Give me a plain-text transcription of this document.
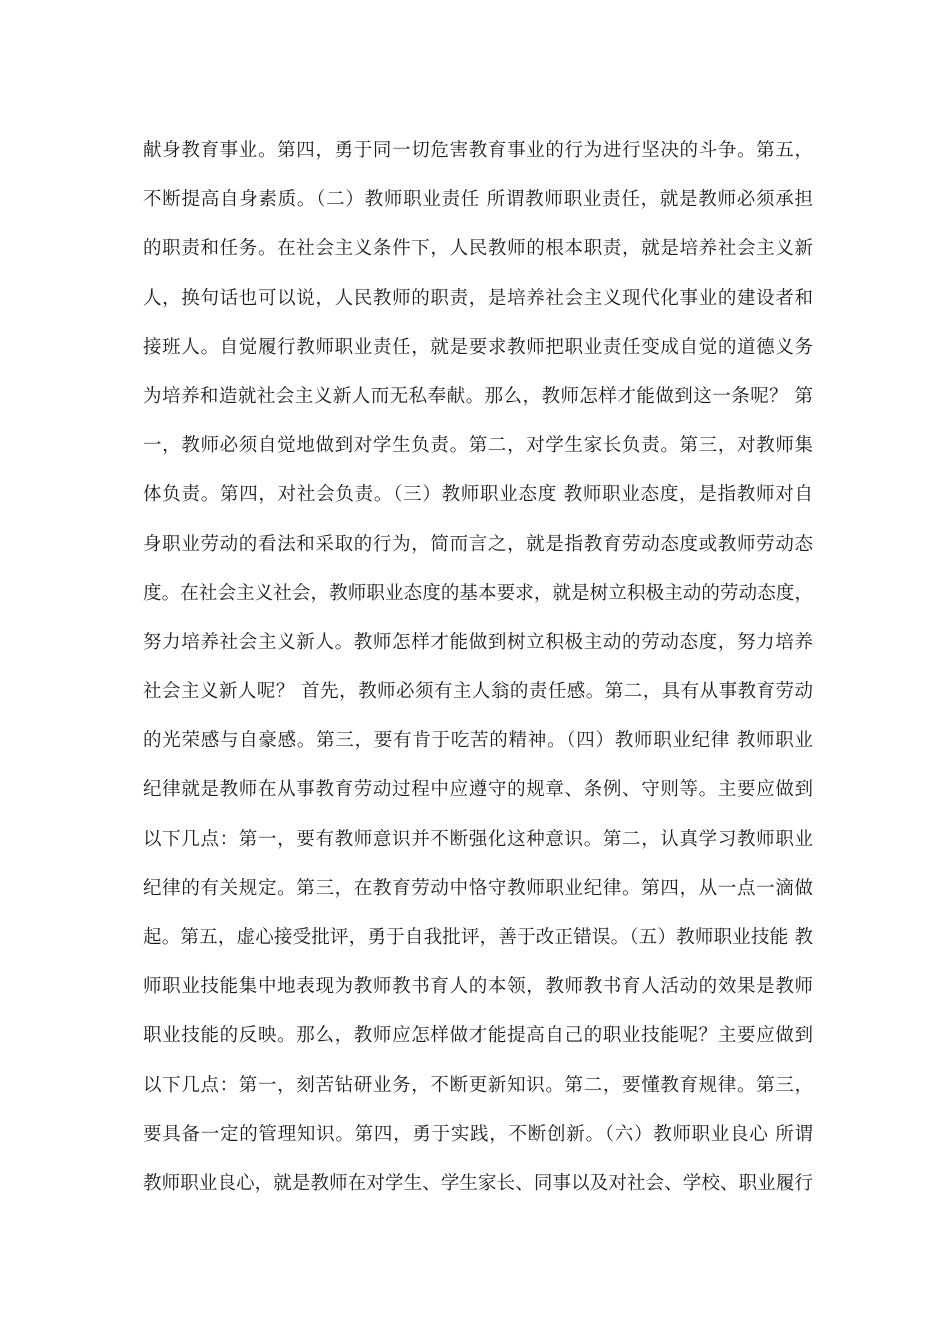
献身教育事业。第四，勇于同一切危害教育事业的行为进行坚决的斗争。第五，
不断提高自身素质。（二）教师职业责任 所谓教师职业责任，就是教师必须承担
的职责和任务。在社会主义条件下，人民教师的根本职责，就是培养社会主义新
人，换句话也可以说，人民教师的职责，是培养社会主义现代化事业的建设者和
接班人。自觉履行教师职业责任，就是要求教师把职业责任变成自觉的道德义务
为培养和造就社会主义新人而无私奉献。那么，教师怎样才能做到这一条呢？ 第
一，教师必须自觉地做到对学生负责。第二，对学生家长负责。第三，对教师集
体负责。第四，对社会负责。（三）教师职业态度 教师职业态度，是指教师对自
身职业劳动的看法和采取的行为，简而言之，就是指教育劳动态度或教师劳动态
度。在社会主义社会，教师职业态度的基本要求，就是树立积极主动的劳动态度，
努力培养社会主义新人。教师怎样才能做到树立积极主动的劳动态度，努力培养
社会主义新人呢？ 首先，教师必须有主人翁的责任感。第二，具有从事教育劳动
的光荣感与自豪感。第三，要有肯于吃苦的精神。（四）教师职业纪律 教师职业
纪律就是教师在从事教育劳动过程中应遵守的规章、条例、守则等。主要应做到
以下几点：第一，要有教师意识并不断强化这种意识。第二，认真学习教师职业
纪律的有关规定。第三，在教育劳动中恪守教师职业纪律。第四，从一点一滴做
起。第五，虚心接受批评，勇于自我批评，善于改正错误。（五）教师职业技能 教
师职业技能集中地表现为教师教书育人的本领，教师教书育人活动的效果是教师
职业技能的反映。那么，教师应怎样做才能提高自己的职业技能呢？主要应做到
以下几点：第一，刻苦钻研业务，不断更新知识。第二，要懂教育规律。第三，
要具备一定的管理知识。第四，勇于实践，不断创新。（六）教师职业良心 所谓
教师职业良心，就是教师在对学生、学生家长、同事以及对社会、学校、职业履行
